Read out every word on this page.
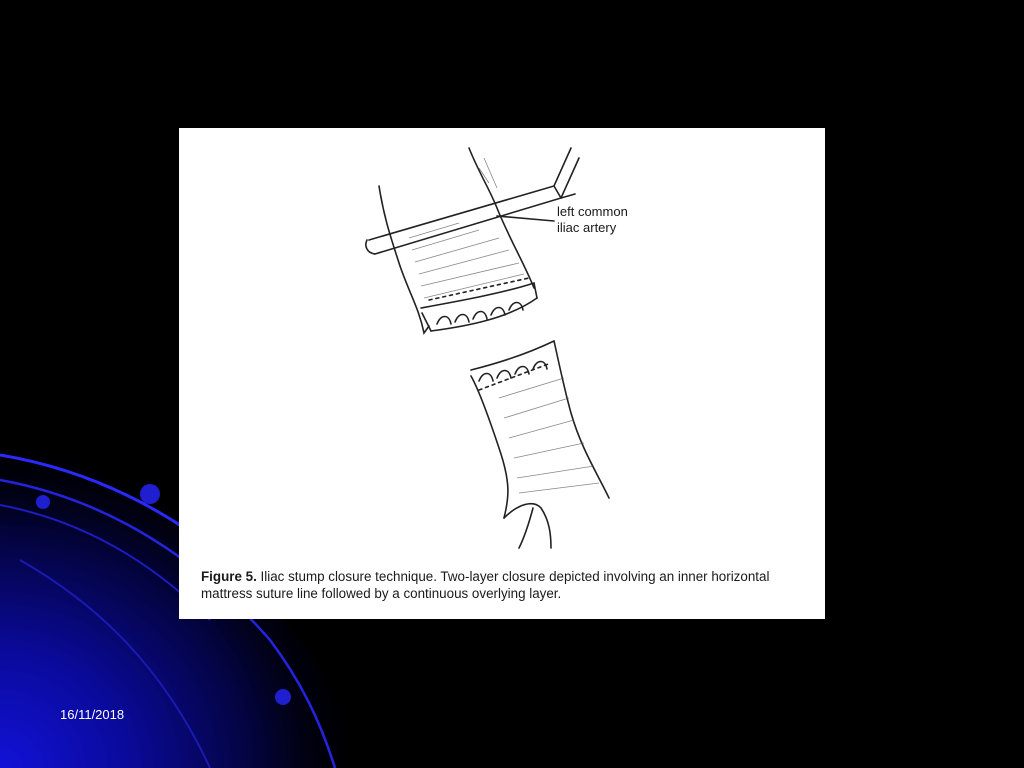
left common
iliac artery

Figure 5. Iliac stump closure technique. Two-layer closure depicted involving an inner horizontal mattress suture line followed by a continuous overlying layer.

16/11/2018
